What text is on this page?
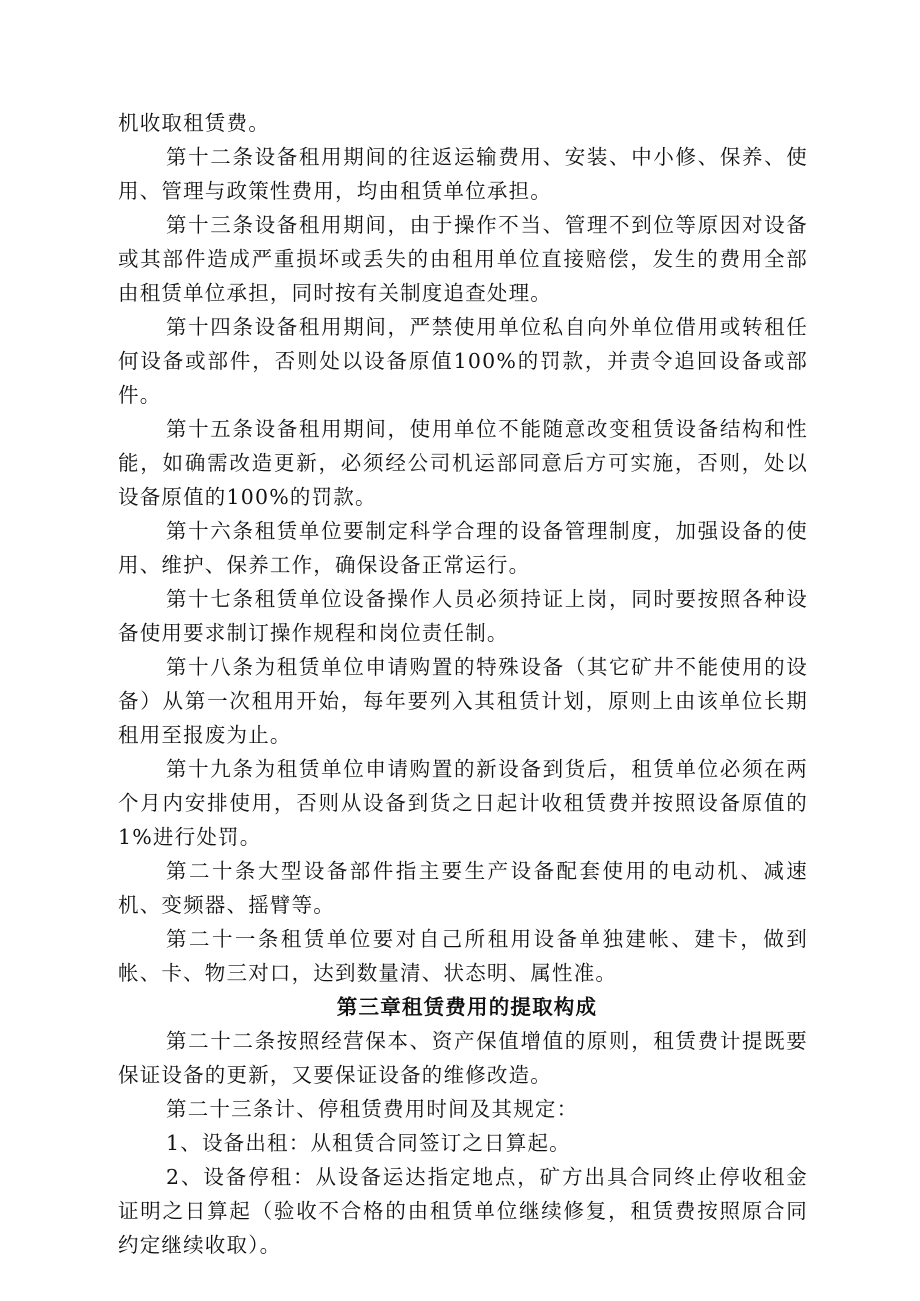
机收取租赁费。

第十二条设备租用期间的往返运输费用、安装、中小修、保养、使用、管理与政策性费用，均由租赁单位承担。

第十三条设备租用期间，由于操作不当、管理不到位等原因对设备或其部件造成严重损坏或丢失的由租用单位直接赔偿，发生的费用全部由租赁单位承担，同时按有关制度追查处理。

第十四条设备租用期间，严禁使用单位私自向外单位借用或转租任何设备或部件，否则处以设备原值100%的罚款，并责令追回设备或部件。

第十五条设备租用期间，使用单位不能随意改变租赁设备结构和性能，如确需改造更新，必须经公司机运部同意后方可实施，否则，处以设备原值的100%的罚款。

第十六条租赁单位要制定科学合理的设备管理制度，加强设备的使用、维护、保养工作，确保设备正常运行。

第十七条租赁单位设备操作人员必须持证上岗，同时要按照各种设备使用要求制订操作规程和岗位责任制。

第十八条为租赁单位申请购置的特殊设备（其它矿井不能使用的设备）从第一次租用开始，每年要列入其租赁计划，原则上由该单位长期租用至报废为止。

第十九条为租赁单位申请购置的新设备到货后，租赁单位必须在两个月内安排使用，否则从设备到货之日起计收租赁费并按照设备原值的1%进行处罚。

第二十条大型设备部件指主要生产设备配套使用的电动机、减速机、变频器、摇臂等。

第二十一条租赁单位要对自己所租用设备单独建帐、建卡，做到帐、卡、物三对口，达到数量清、状态明、属性准。

第三章租赁费用的提取构成

第二十二条按照经营保本、资产保值增值的原则，租赁费计提既要保证设备的更新，又要保证设备的维修改造。

第二十三条计、停租赁费用时间及其规定：

1、设备出租：从租赁合同签订之日算起。

2、设备停租：从设备运达指定地点，矿方出具合同终止停收租金证明之日算起（验收不合格的由租赁单位继续修复，租赁费按照原合同约定继续收取）。
